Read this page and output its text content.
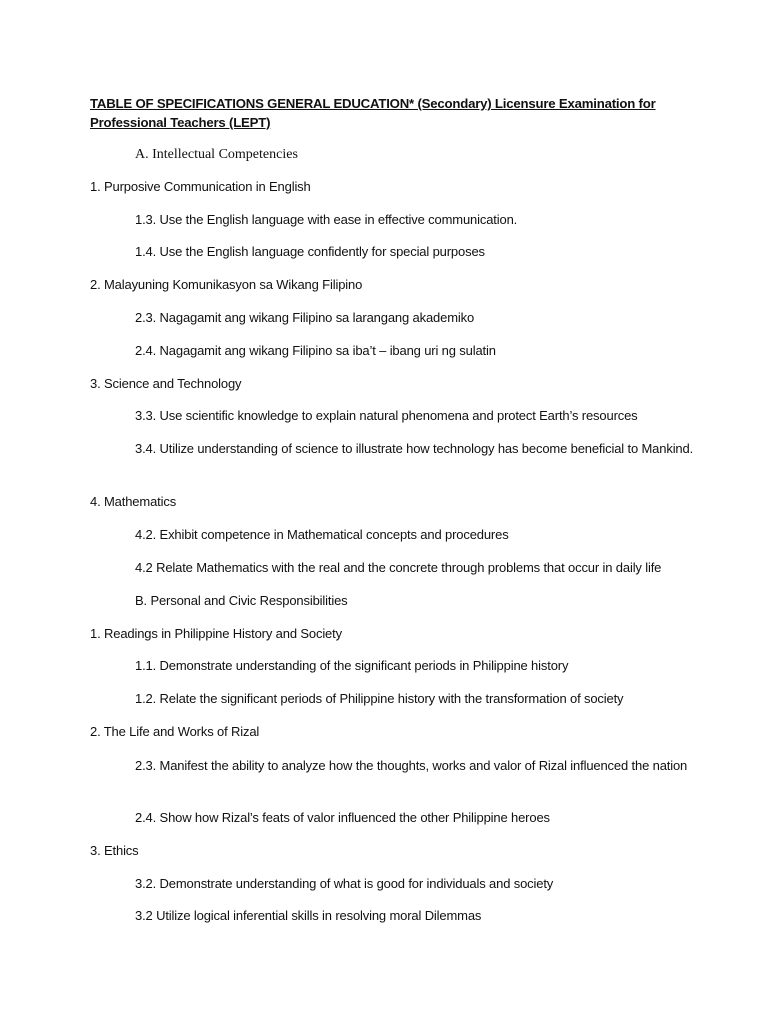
TABLE OF SPECIFICATIONS GENERAL EDUCATION* (Secondary) Licensure Examination for Professional Teachers (LEPT)
A. Intellectual Competencies
1. Purposive Communication in English
1.3. Use the English language with ease in effective communication.
1.4. Use the English language confidently for special purposes
2. Malayuning Komunikasyon sa Wikang Filipino
2.3. Nagagamit ang wikang Filipino sa larangang akademiko
2.4. Nagagamit ang wikang Filipino sa iba’t – ibang uri ng sulatin
3. Science and Technology
3.3. Use scientific knowledge to explain natural phenomena and protect Earth’s resources
3.4. Utilize understanding of science to illustrate how technology has become beneficial to Mankind.
4. Mathematics
4.2. Exhibit competence in Mathematical concepts and procedures
4.2 Relate Mathematics with the real and the concrete through problems that occur in daily life
B. Personal and Civic Responsibilities
1. Readings in Philippine History and Society
1.1. Demonstrate understanding of the significant periods in Philippine history
1.2. Relate the significant periods of Philippine history with the transformation of society
2. The Life and Works of Rizal
2.3. Manifest the ability to analyze how the thoughts, works and valor of Rizal influenced the nation
2.4. Show how Rizal’s feats of valor influenced the other Philippine heroes
3. Ethics
3.2. Demonstrate understanding of what is good for individuals and society
3.2 Utilize logical inferential skills in resolving moral Dilemmas
